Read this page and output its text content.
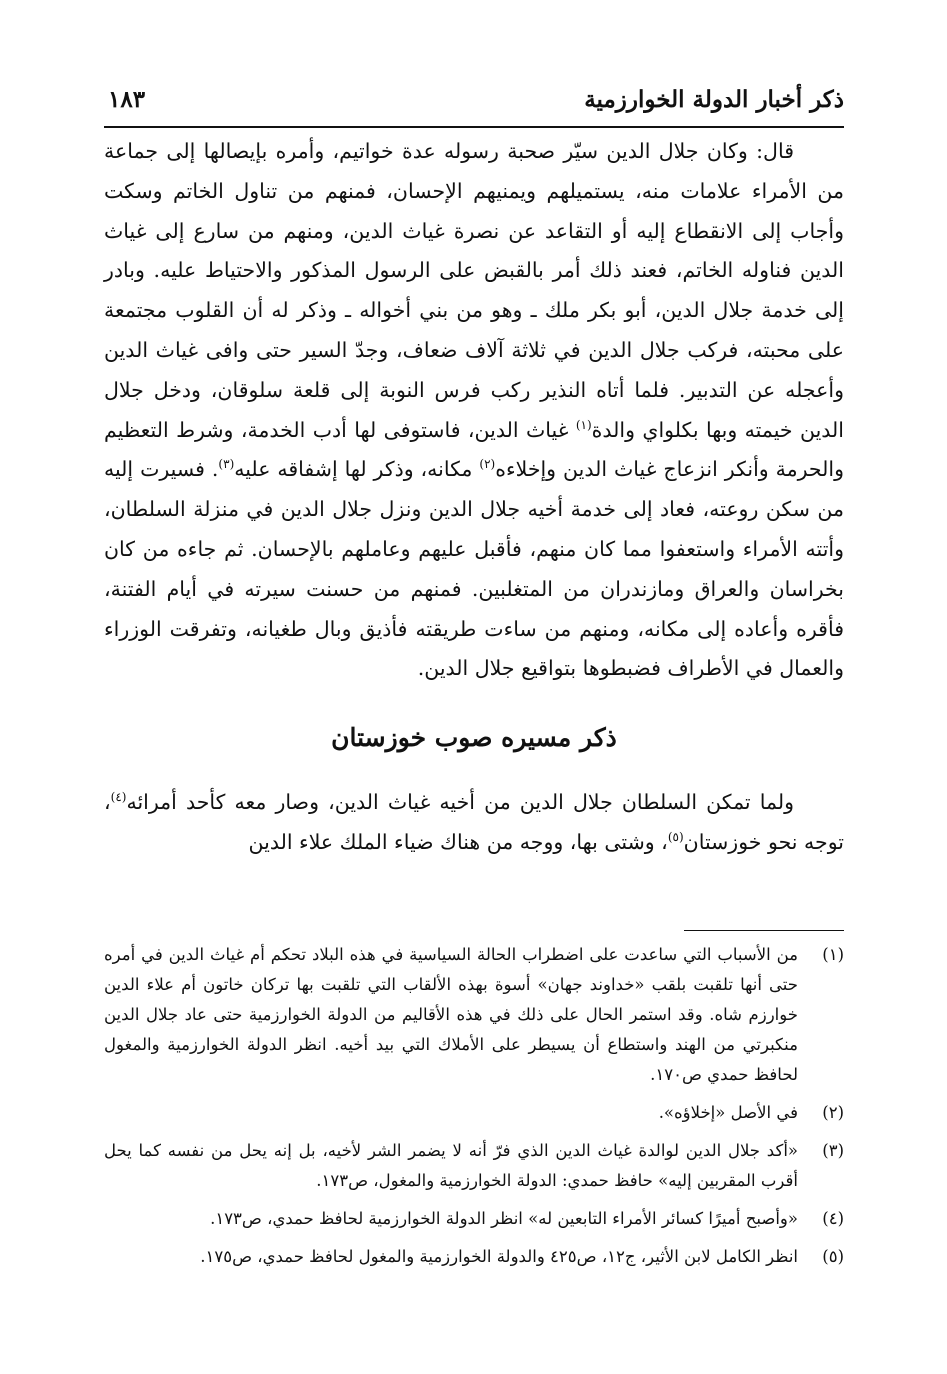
ذكر أخبار الدولة الخوارزمية
١٨٣

قال: وكان جلال الدين سيّر صحبة رسوله عدة خواتيم، وأمره بإيصالها إلى جماعة من الأمراء علامات منه، يستميلهم ويمنيهم الإحسان، فمنهم من تناول الخاتم وسكت وأجاب إلى الانقطاع إليه أو التقاعد عن نصرة غياث الدين، ومنهم من سارع إلى غياث الدين فناوله الخاتم، فعند ذلك أمر بالقبض على الرسول المذكور والاحتياط عليه. وبادر إلى خدمة جلال الدين، أبو بكر ملك ـ وهو من بني أخواله ـ وذكر له أن القلوب مجتمعة على محبته، فركب جلال الدين في ثلاثة آلاف ضعاف، وجدّ السير حتى وافى غياث الدين وأعجله عن التدبير. فلما أتاه النذير ركب فرس النوبة إلى قلعة سلوقان، ودخل جلال الدين خيمته وبها بكلواي والدة$^{(١)}$ غياث الدين، فاستوفى لها أدب الخدمة، وشرط التعظيم والحرمة وأنكر انزعاج غياث الدين وإخلاءه$^{(٢)}$ مكانه، وذكر لها إشفاقه عليه$^{(٣)}$. فسيرت إليه من سكن روعته، فعاد إلى خدمة أخيه جلال الدين ونزل جلال الدين في منزلة السلطان، وأتته الأمراء واستعفوا مما كان منهم، فأقبل عليهم وعاملهم بالإحسان. ثم جاءه من كان بخراسان والعراق ومازندران من المتغلبين. فمنهم من حسنت سيرته في أيام الفتنة، فأقره وأعاده إلى مكانه، ومنهم من ساءت طريقته فأذيق وبال طغيانه، وتفرقت الوزراء والعمال في الأطراف فضبطوها بتواقيع جلال الدين.

ذكر مسيره صوب خوزستان

ولما تمكن السلطان جلال الدين من أخيه غياث الدين، وصار معه كأحد أمرائه$^{(٤)}$، توجه نحو خوزستان$^{(٥)}$، وشتى بها، ووجه من هناك ضياء الملك علاء الدين

(١)
من الأسباب التي ساعدت على اضطراب الحالة السياسية في هذه البلاد تحكم أم غياث الدين في أمره حتى أنها تلقبت بلقب «خداوند جهان» أسوة بهذه الألقاب التي تلقبت بها تركان خاتون أم علاء الدين خوارزم شاه. وقد استمر الحال على ذلك في هذه الأقاليم من الدولة الخوارزمية حتى عاد جلال الدين منكبرتي من الهند واستطاع أن يسيطر على الأملاك التي بيد أخيه. انظر الدولة الخوارزمية والمغول لحافظ حمدي ص١٧٠.
(٢)
في الأصل «إخلاؤه».
(٣)
«أكد جلال الدين لوالدة غياث الدين الذي فرّ أنه لا يضمر الشر لأخيه، بل إنه يحل من نفسه كما يحل أقرب المقربين إليه» حافظ حمدي: الدولة الخوارزمية والمغول، ص١٧٣.
(٤)
«وأصبح أميرًا كسائر الأمراء التابعين له» انظر الدولة الخوارزمية لحافظ حمدي، ص١٧٣.
(٥)
انظر الكامل لابن الأثير، ج١٢، ص٤٢٥ والدولة الخوارزمية والمغول لحافظ حمدي، ص١٧٥.
